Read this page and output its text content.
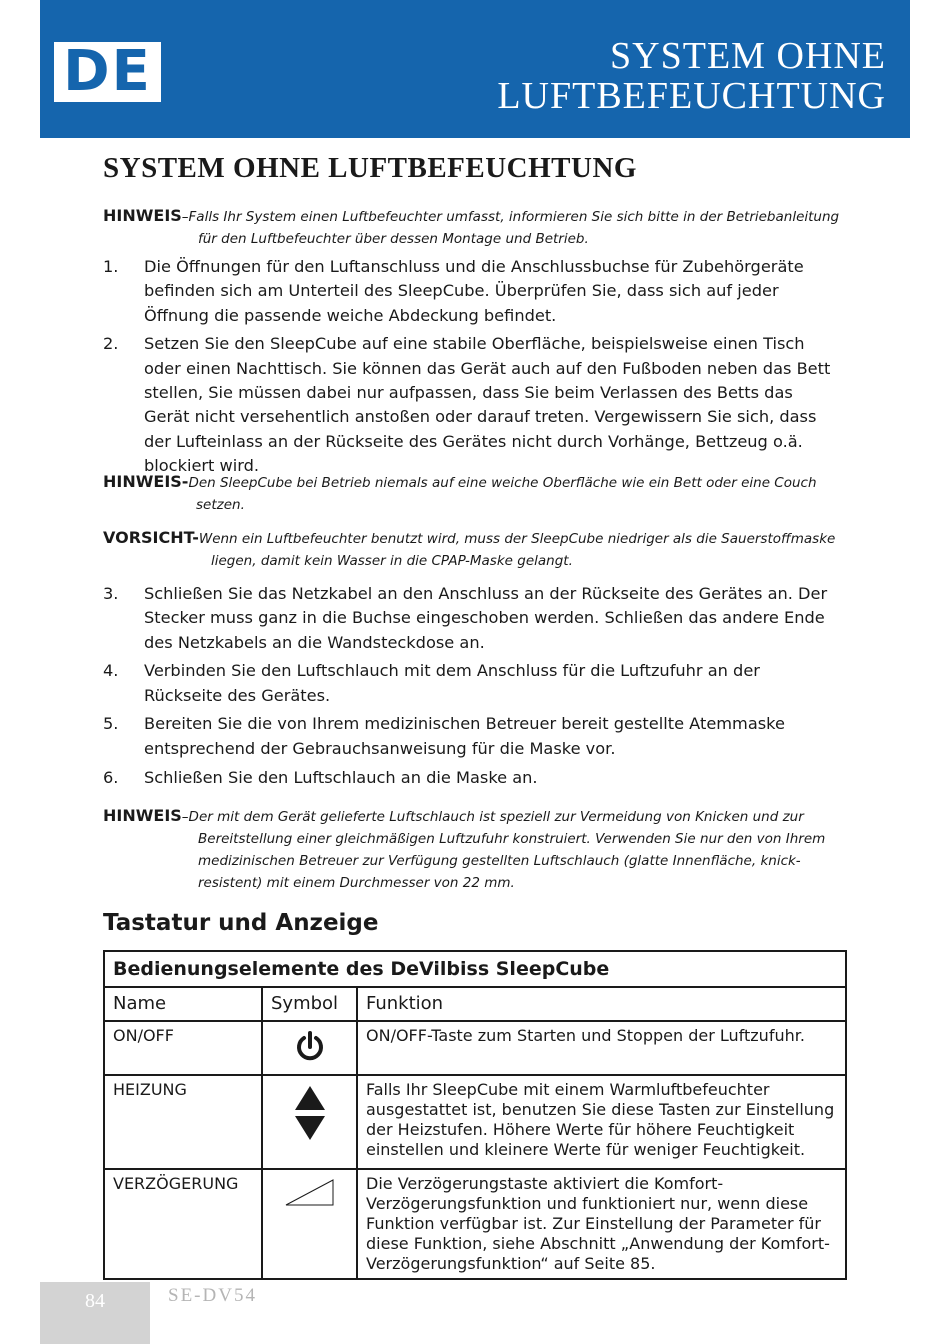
DE	SYSTEM OHNE
LUFTBEFEUCHTUNG
SYSTEM OHNE LUFTBEFEUCHTUNG
HINWEIS–Falls Ihr System einen Luftbefeuchter umfasst, informieren Sie sich bitte in der Betriebanleitung
für den Luftbefeuchter über dessen Montage und Betrieb.
1. Die Öffnungen für den Luftanschluss und die Anschlussbuchse für Zubehörgeräte befinden sich am Unterteil des SleepCube. Überprüfen Sie, dass sich auf jeder Öffnung die passende weiche Abdeckung befindet.
2. Setzen Sie den SleepCube auf eine stabile Oberfläche, beispielsweise einen Tisch oder einen Nachttisch. Sie können das Gerät auch auf den Fußboden neben das Bett stellen, Sie müssen dabei nur aufpassen, dass Sie beim Verlassen des Betts das Gerät nicht versehentlich anstoßen oder darauf treten. Vergewissern Sie sich, dass der Lufteinlass an der Rückseite des Gerätes nicht durch Vorhänge, Bettzeug o.ä. blockiert wird.
HINWEIS-Den SleepCube bei Betrieb niemals auf eine weiche Oberfläche wie ein Bett oder eine Couch
setzen.
VORSICHT-Wenn ein Luftbefeuchter benutzt wird, muss der SleepCube niedriger als die Sauerstoffmaske
liegen, damit kein Wasser in die CPAP-Maske gelangt.
3. Schließen Sie das Netzkabel an den Anschluss an der Rückseite des Gerätes an. Der Stecker muss ganz in die Buchse eingeschoben werden. Schließen das andere Ende des Netzkabels an die Wandsteckdose an.
4. Verbinden Sie den Luftschlauch mit dem Anschluss für die Luftzufuhr an der Rückseite des Gerätes.
5. Bereiten Sie die von Ihrem medizinischen Betreuer bereit gestellte Atemmaske entsprechend der Gebrauchsanweisung für die Maske vor.
6. Schließen Sie den Luftschlauch an die Maske an.
HINWEIS–Der mit dem Gerät gelieferte Luftschlauch ist speziell zur Vermeidung von Knicken und zur
Bereitstellung einer gleichmäßigen Luftzufuhr konstruiert. Verwenden Sie nur den von Ihrem
medizinischen Betreuer zur Verfügung gestellten Luftschlauch (glatte Innenfläche, knick-
resistent) mit einem Durchmesser von 22 mm.
Tastatur und Anzeige
Bedienungselemente des DeVilbiss SleepCube		
Name	Symbol	Funktion
ON/OFF		ON/OFF-Taste zum Starten und Stoppen der Luftzufuhr.
HEIZUNG		Falls Ihr SleepCube mit einem Warmluftbefeuchter ausgestattet ist, benutzen Sie diese Tasten zur Einstellung der Heizstufen. Höhere Werte für höhere Feuchtigkeit einstellen und kleinere Werte für weniger Feuchtigkeit.
VERZÖGERUNG		Die Verzögerungstaste aktiviert die Komfort-Verzögerungsfunktion und funktioniert nur, wenn diese Funktion verfügbar ist. Zur Einstellung der Parameter für diese Funktion, siehe Abschnitt „Anwendung der Komfort-Verzögerungsfunktion“ auf Seite 85.
84	SE-DV54
